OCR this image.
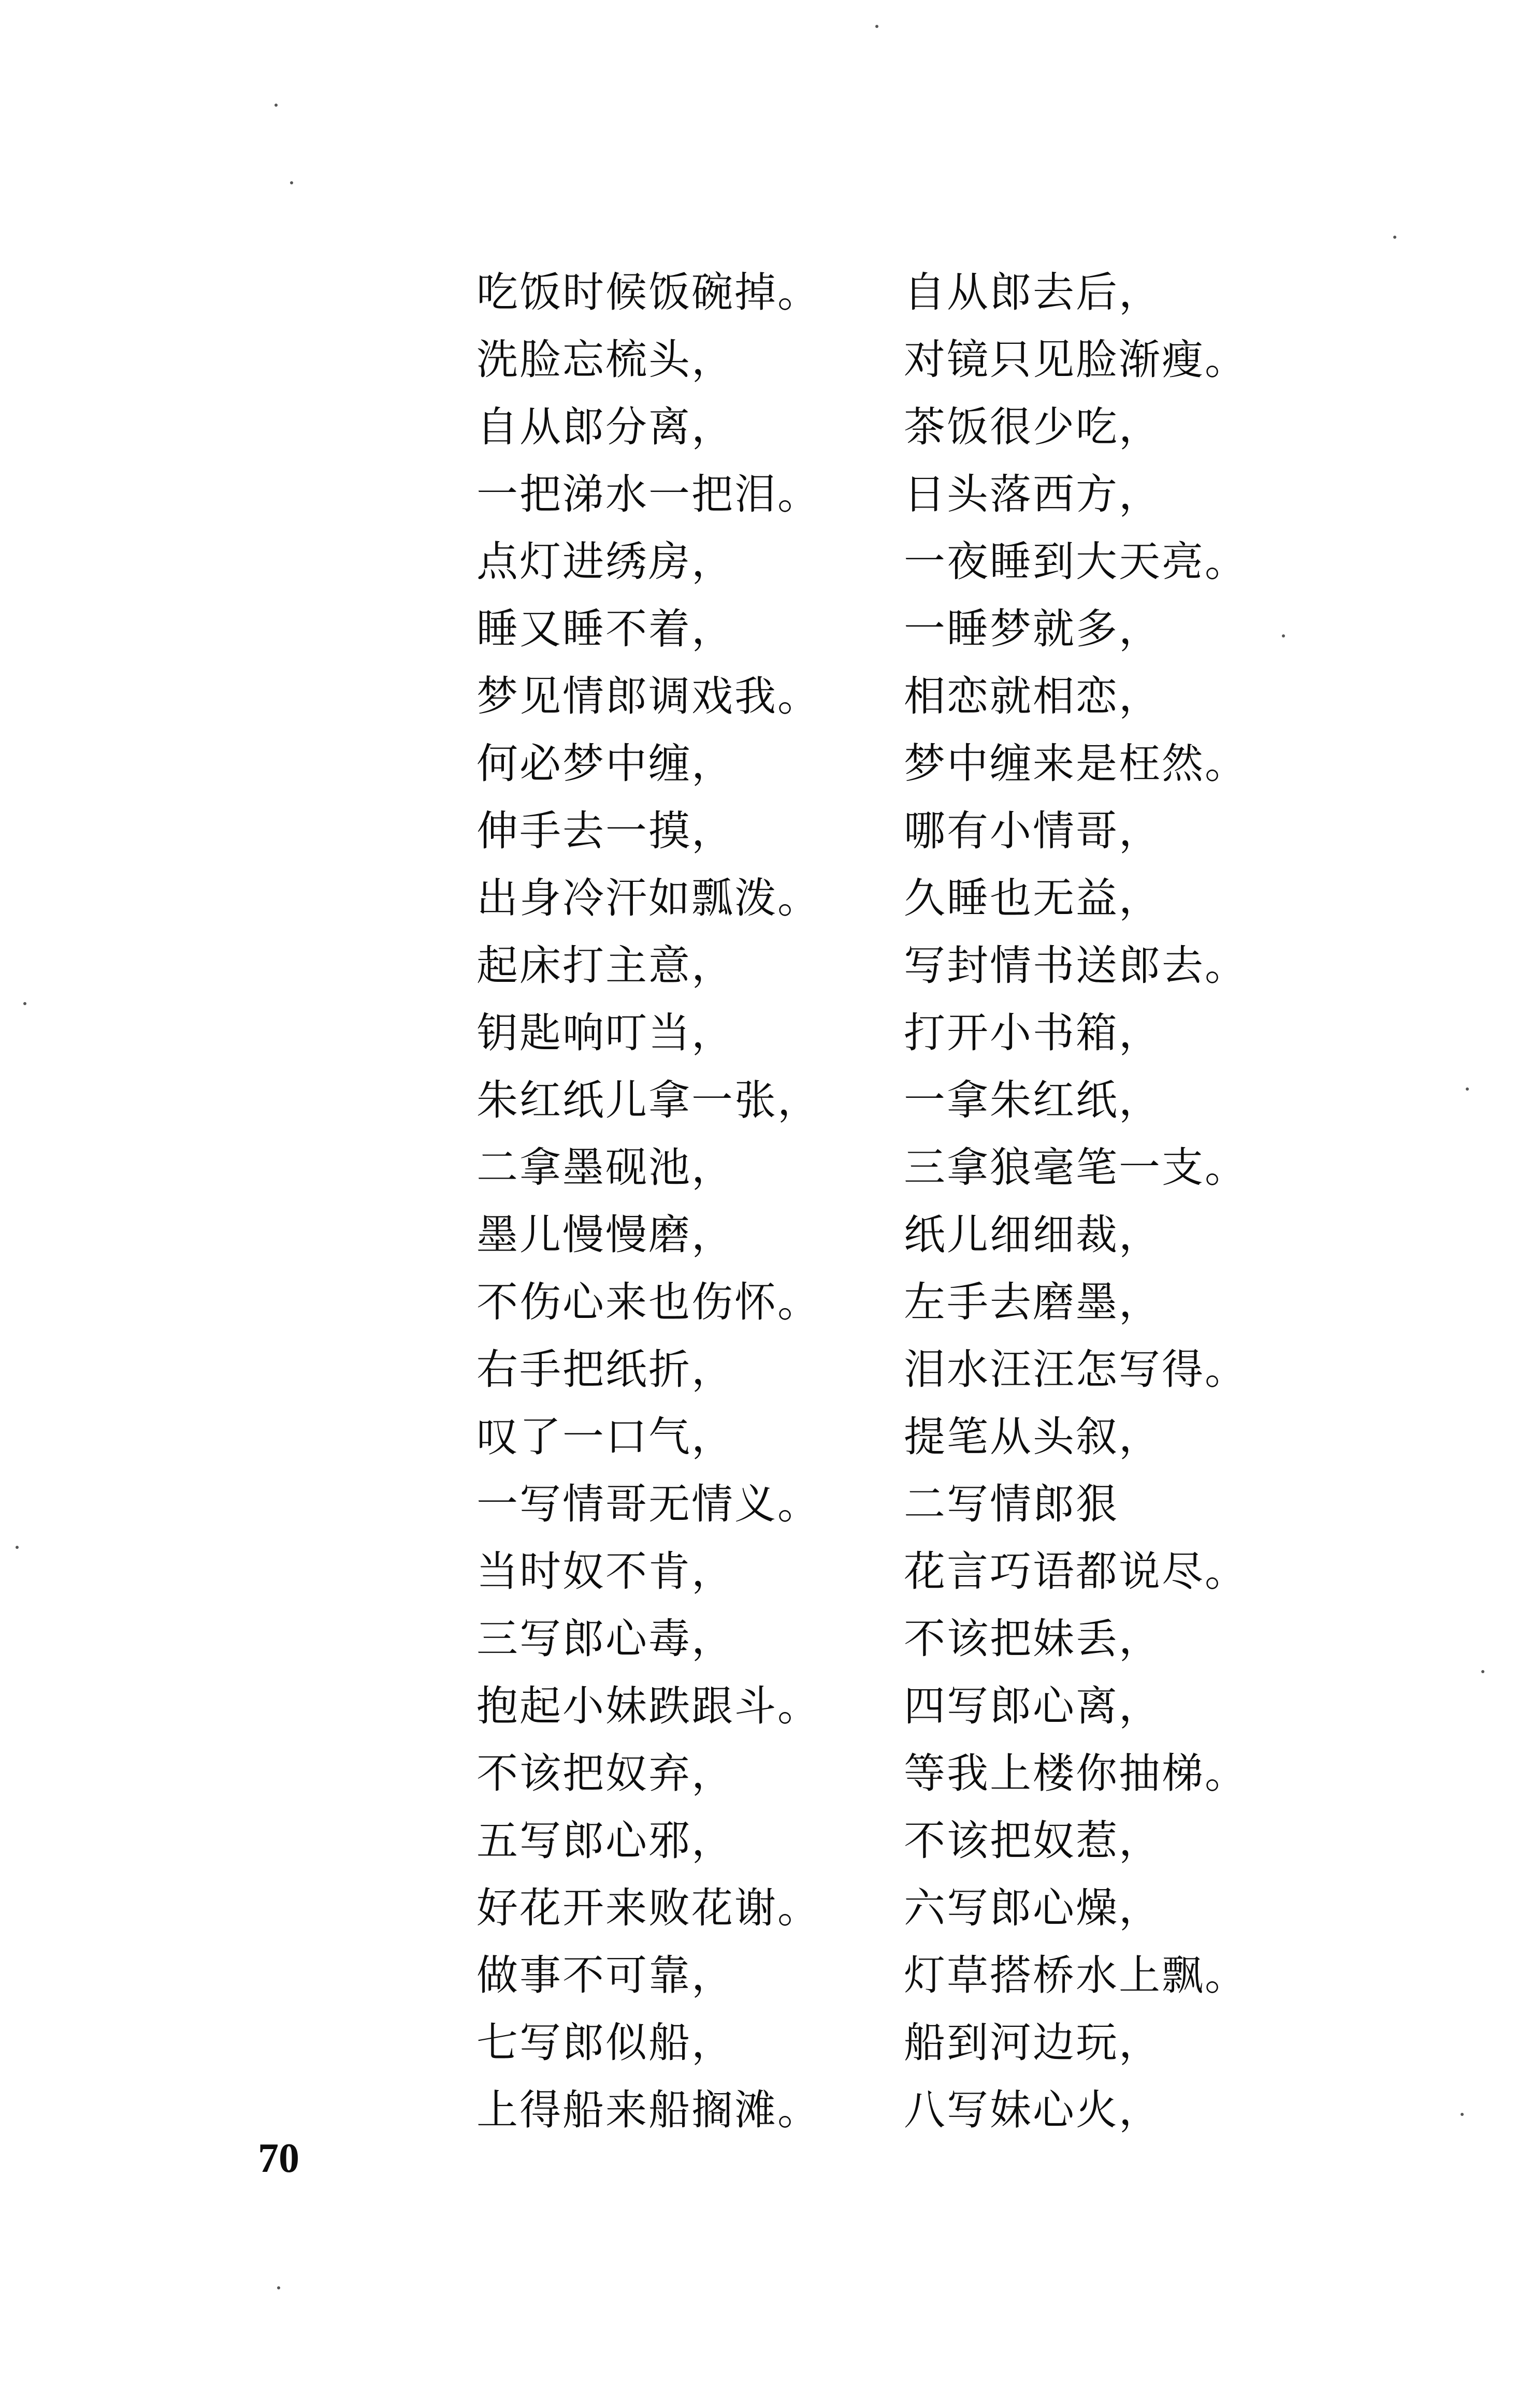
吃饭时候饭碗掉。
洗脸忘梳头，
自从郎分离，
一把涕水一把泪。
点灯进绣房，
睡又睡不着，
梦见情郎调戏我。
何必梦中缠，
伸手去一摸，
出身冷汗如瓢泼。
起床打主意，
钥匙响叮当，
朱红纸儿拿一张，
二拿墨砚池，
墨儿慢慢磨，
不伤心来也伤怀。
右手把纸折，
叹了一口气，
一写情哥无情义。
当时奴不肯，
三写郎心毒，
抱起小妹跌跟斗。
不该把奴弃，
五写郎心邪，
好花开来败花谢。
做事不可靠，
七写郎似船，
上得船来船搁滩。
自从郎去后，
对镜只见脸渐瘦。
茶饭很少吃，
日头落西方，
一夜睡到大天亮。
一睡梦就多，
相恋就相恋，
梦中缠来是枉然。
哪有小情哥，
久睡也无益，
写封情书送郎去。
打开小书箱，
一拿朱红纸，
三拿狼毫笔一支。
纸儿细细裁，
左手去磨墨，
泪水汪汪怎写得。
提笔从头叙，
二写情郎狠
花言巧语都说尽。
不该把妹丢，
四写郎心离，
等我上楼你抽梯。
不该把奴惹，
六写郎心燥，
灯草搭桥水上飘。
船到河边玩，
八写妹心火，
70
